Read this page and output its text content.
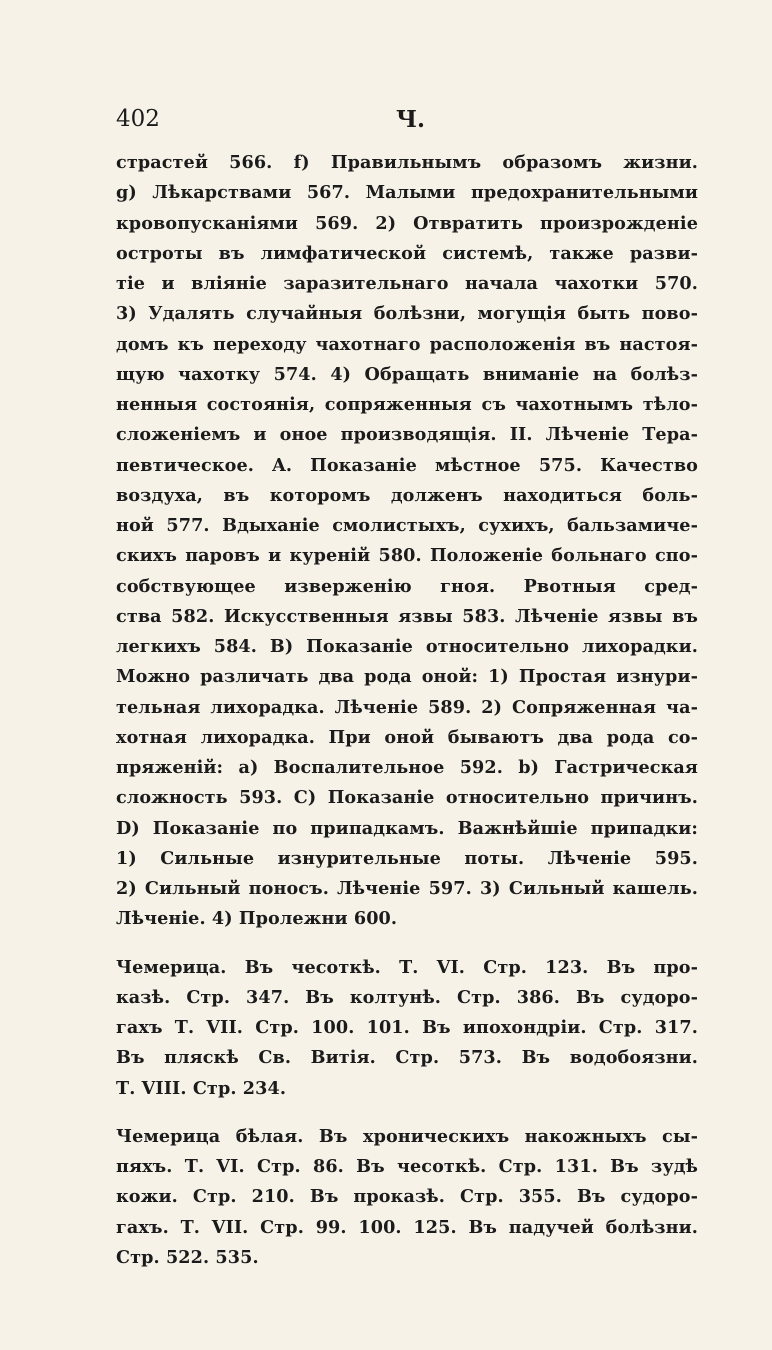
402	Ч.
страстей 566. f) Правильнымъ образомъ жизни.
g) Лѣкарствами 567. Малыми предохранительными
кровопусканіями 569. 2) Отвратить произрожденіе
остроты въ лимфатической системѣ, также разви-
тіе и вліяніе заразительнаго начала чахотки 570.
3) Удалять случайныя болѣзни, могущія быть пово-
домъ къ переходу чахотнаго расположенія въ настоя-
щую чахотку 574. 4) Обращать вниманіе на болѣз-
ненныя состоянія, сопряженныя съ чахотнымъ тѣло-
сложеніемъ и оное производящія. II. Лѣченіе Тера-
певтическое. A. Показаніе мѣстное 575. Качество
воздуха, въ которомъ долженъ находиться боль-
ной 577. Вдыханіе смолистыхъ, сухихъ, бальзамиче-
скихъ паровъ и куреній 580. Положеніе больнаго спо-
собствующее изверженію гноя. Рвотныя сред-
ства 582. Искусственныя язвы 583. Лѣченіе язвы въ
легкихъ 584. B) Показаніе относительно лихорадки.
Можно различать два рода оной: 1) Простая изнури-
тельная лихорадка. Лѣченіе 589. 2) Сопряженная ча-
хотная лихорадка. При оной бываютъ два рода со-
пряженій: a) Воспалительное 592. b) Гастрическая
сложность 593. C) Показаніе относительно причинъ.
D) Показаніе по припадкамъ. Важнѣйшіе припадки:
1) Сильные изнурительные поты. Лѣченіе 595.
2) Сильный поносъ. Лѣченіе 597. 3) Сильный кашель.
Лѣченіе. 4) Пролежни 600.
Чемерица. Въ чесоткѣ. Т. VI. Стр. 123. Въ про-
казѣ. Стр. 347. Въ колтунѣ. Стр. 386. Въ судоро-
гахъ Т. VII. Стр. 100. 101. Въ ипохондріи. Стр. 317.
Въ пляскѣ Св. Витія. Стр. 573. Въ водобоязни.
Т. VIII. Стр. 234.
Чемерица бѣлая. Въ хроническихъ накожныхъ сы-
пяхъ. Т. VI. Стр. 86. Въ чесоткѣ. Стр. 131. Въ зудѣ
кожи. Стр. 210. Въ проказѣ. Стр. 355. Въ судоро-
гахъ. Т. VII. Стр. 99. 100. 125. Въ падучей болѣзни.
Стр. 522. 535.
